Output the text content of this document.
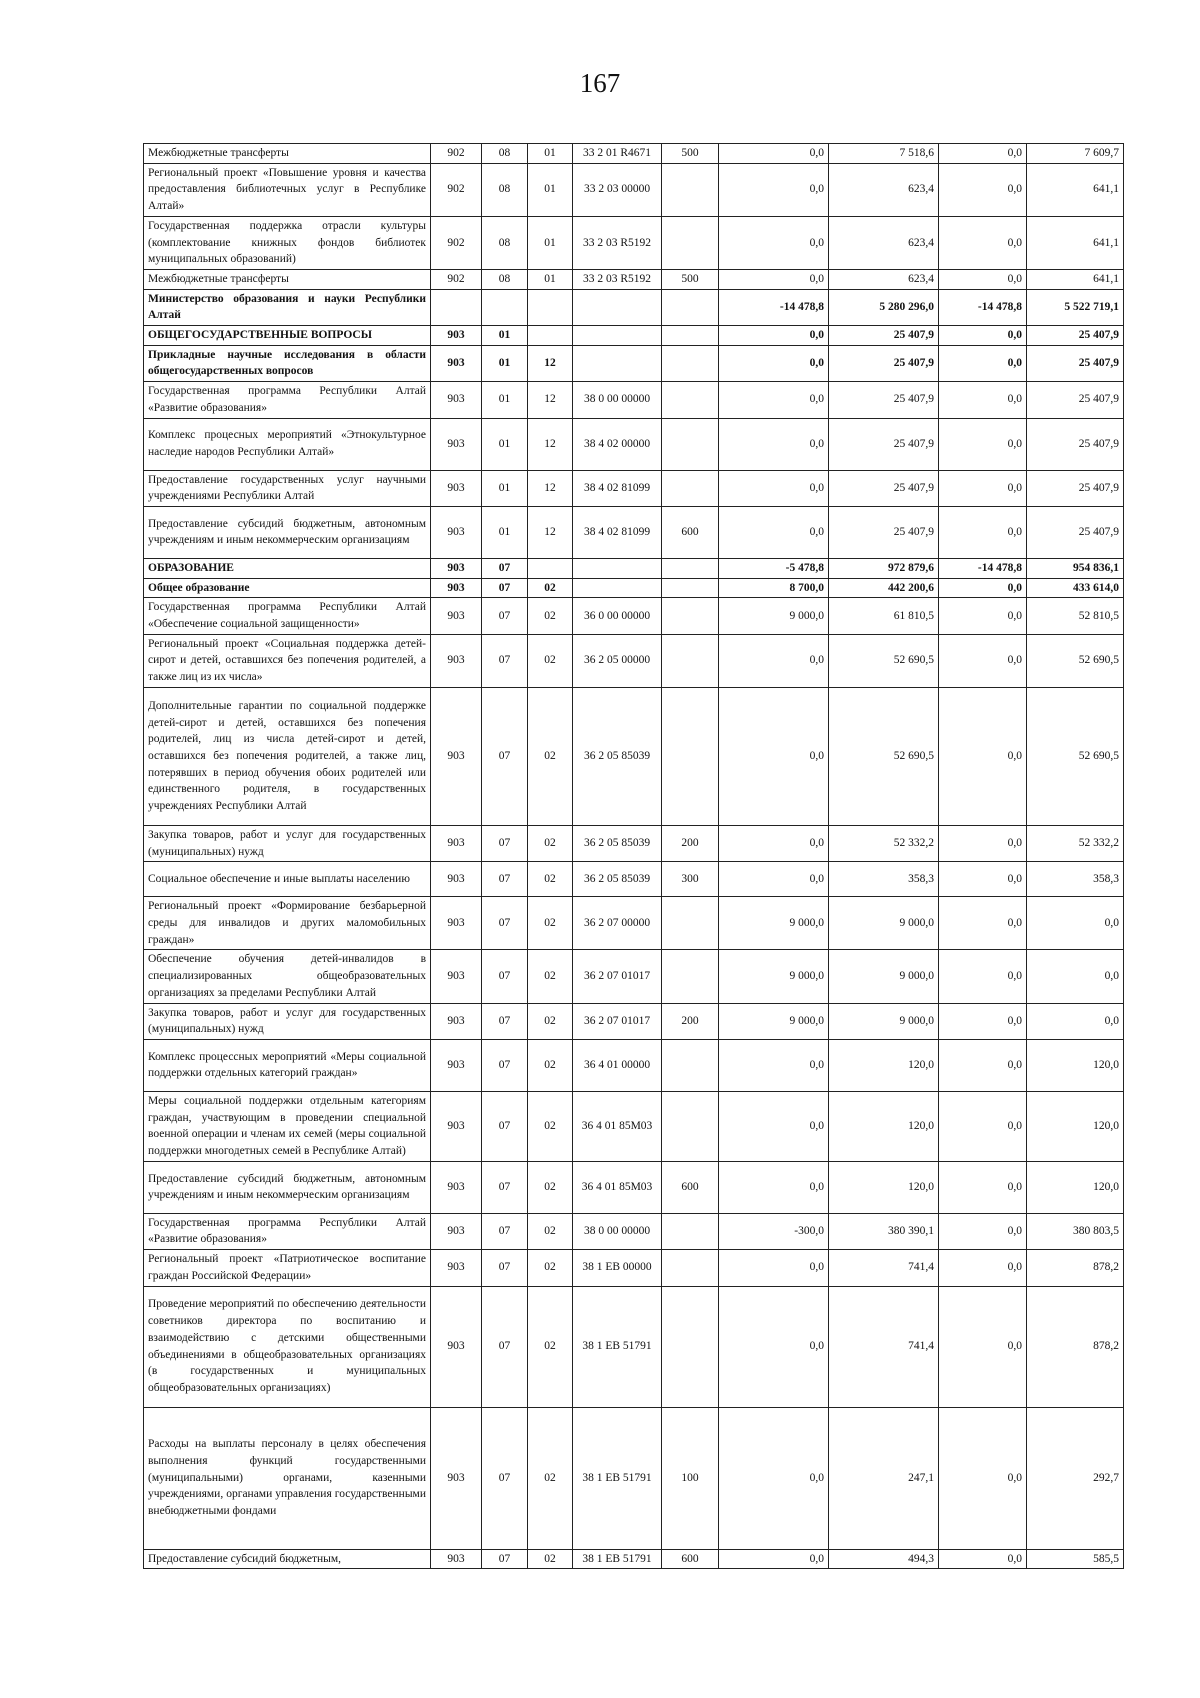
167
Межбюджетные трансферты	902	08	01	33 2 01 R4671	500	0,0	7 518,6	0,0	7 609,7
Региональный проект «Повышение уровня и качества предоставления библиотечных услуг в Республике Алтай»	902	08	01	33 2 03 00000		0,0	623,4	0,0	641,1
Государственная поддержка отрасли культуры (комплектование книжных фондов библиотек муниципальных образований)	902	08	01	33 2 03 R5192		0,0	623,4	0,0	641,1
Межбюджетные трансферты	902	08	01	33 2 03 R5192	500	0,0	623,4	0,0	641,1
Министерство образования и науки Республики Алтай						-14 478,8	5 280 296,0	-14 478,8	5 522 719,1
ОБЩЕГОСУДАРСТВЕННЫЕ ВОПРОСЫ	903	01				0,0	25 407,9	0,0	25 407,9
Прикладные научные исследования в области общегосударственных вопросов	903	01	12			0,0	25 407,9	0,0	25 407,9
Государственная программа Республики Алтай «Развитие образования»	903	01	12	38 0 00 00000		0,0	25 407,9	0,0	25 407,9
Комплекс процесных мероприятий «Этнокультурное наследие народов Республики Алтай»	903	01	12	38 4 02 00000		0,0	25 407,9	0,0	25 407,9
Предоставление государственных услуг научными учреждениями Республики Алтай	903	01	12	38 4 02 81099		0,0	25 407,9	0,0	25 407,9
Предоставление субсидий бюджетным, автономным учреждениям и иным некоммерческим организациям	903	01	12	38 4 02 81099	600	0,0	25 407,9	0,0	25 407,9
ОБРАЗОВАНИЕ	903	07				-5 478,8	972 879,6	-14 478,8	954 836,1
Общее образование	903	07	02			8 700,0	442 200,6	0,0	433 614,0
Государственная программа Республики Алтай «Обеспечение социальной защищенности»	903	07	02	36 0 00 00000		9 000,0	61 810,5	0,0	52 810,5
Региональный проект «Социальная поддержка детей-сирот и детей, оставшихся без попечения родителей, а также лиц из их числа»	903	07	02	36 2 05 00000		0,0	52 690,5	0,0	52 690,5
Дополнительные гарантии по социальной поддержке детей-сирот и детей, оставшихся без попечения родителей, лиц из числа детей-сирот и детей, оставшихся без попечения родителей, а также лиц, потерявших в период обучения обоих родителей или единственного родителя, в государственных учреждениях Республики Алтай	903	07	02	36 2 05 85039		0,0	52 690,5	0,0	52 690,5
Закупка товаров, работ и услуг для государственных (муниципальных) нужд	903	07	02	36 2 05 85039	200	0,0	52 332,2	0,0	52 332,2
Социальное обеспечение и иные выплаты населению	903	07	02	36 2 05 85039	300	0,0	358,3	0,0	358,3
Региональный проект «Формирование безбарьерной среды для инвалидов и других маломобильных граждан»	903	07	02	36 2 07 00000		9 000,0	9 000,0	0,0	0,0
Обеспечение обучения детей-инвалидов в специализированных общеобразовательных организациях за пределами Республики Алтай	903	07	02	36 2 07 01017		9 000,0	9 000,0	0,0	0,0
Закупка товаров, работ и услуг для государственных (муниципальных) нужд	903	07	02	36 2 07 01017	200	9 000,0	9 000,0	0,0	0,0
Комплекс процессных мероприятий «Меры социальной поддержки отдельных категорий граждан»	903	07	02	36 4 01 00000		0,0	120,0	0,0	120,0
Меры социальной поддержки отдельным категориям граждан, участвующим в проведении специальной военной операции и членам их семей (меры социальной поддержки многодетных семей в Республике Алтай)	903	07	02	36 4 01 85М03		0,0	120,0	0,0	120,0
Предоставление субсидий бюджетным, автономным учреждениям и иным некоммерческим организациям	903	07	02	36 4 01 85М03	600	0,0	120,0	0,0	120,0
Государственная программа Республики Алтай «Развитие образования»	903	07	02	38 0 00 00000		-300,0	380 390,1	0,0	380 803,5
Региональный проект «Патриотическое воспитание граждан Российской Федерации»	903	07	02	38 1 ЕВ 00000		0,0	741,4	0,0	878,2
Проведение мероприятий по обеспечению деятельности советников директора по воспитанию и взаимодействию с детскими общественными объединениями в общеобразовательных организациях (в государственных и муниципальных общеобразовательных организациях)	903	07	02	38 1 ЕВ 51791		0,0	741,4	0,0	878,2
Расходы на выплаты персоналу в целях обеспечения выполнения функций государственными (муниципальными) органами, казенными учреждениями, органами управления государственными внебюджетными фондами	903	07	02	38 1 ЕВ 51791	100	0,0	247,1	0,0	292,7
Предоставление субсидий бюджетным,	903	07	02	38 1 ЕВ 51791	600	0,0	494,3	0,0	585,5
